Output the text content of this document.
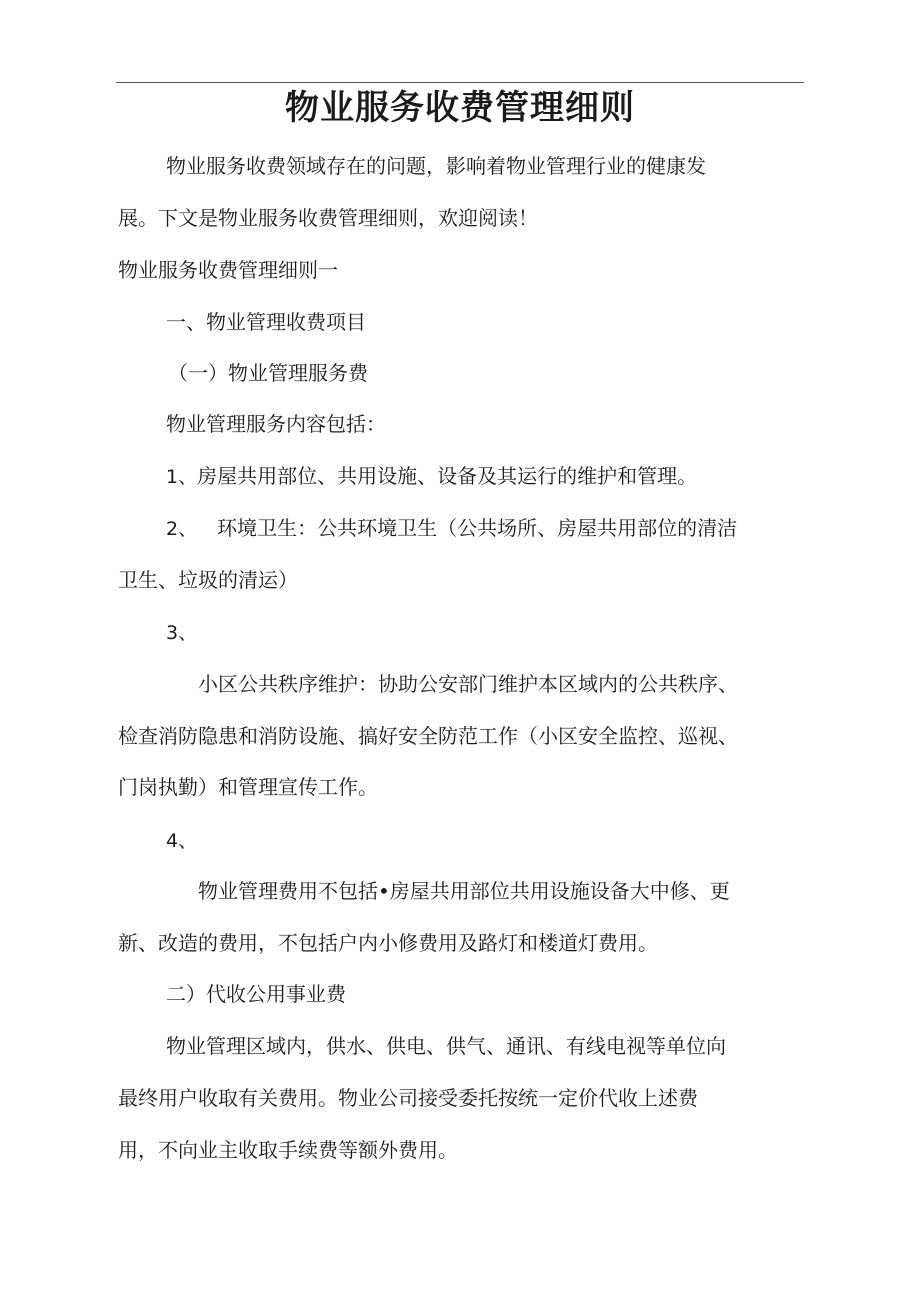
物业服务收费管理细则

物业服务收费领域存在的问题，影响着物业管理行业的健康发

展。下文是物业服务收费管理细则，欢迎阅读！

物业服务收费管理细则一

一、物业管理收费项目

（一）物业管理服务费

物业管理服务内容包括：

1、房屋共用部位、共用设施、设备及其运行的维护和管理。

2、 环境卫生：公共环境卫生（公共场所、房屋共用部位的清洁

卫生、垃圾的清运）

3、

小区公共秩序维护：协助公安部门维护本区域内的公共秩序、

检查消防隐患和消防设施、搞好安全防范工作（小区安全监控、巡视、

门岗执勤）和管理宣传工作。

4、

物业管理费用不包括•房屋共用部位共用设施设备大中修、更

新、改造的费用，不包括户内小修费用及路灯和楼道灯费用。

二）代收公用事业费

物业管理区域内，供水、供电、供气、通讯、有线电视等单位向

最终用户收取有关费用。物业公司接受委托按统一定价代收上述费

用，不向业主收取手续费等额外费用。
